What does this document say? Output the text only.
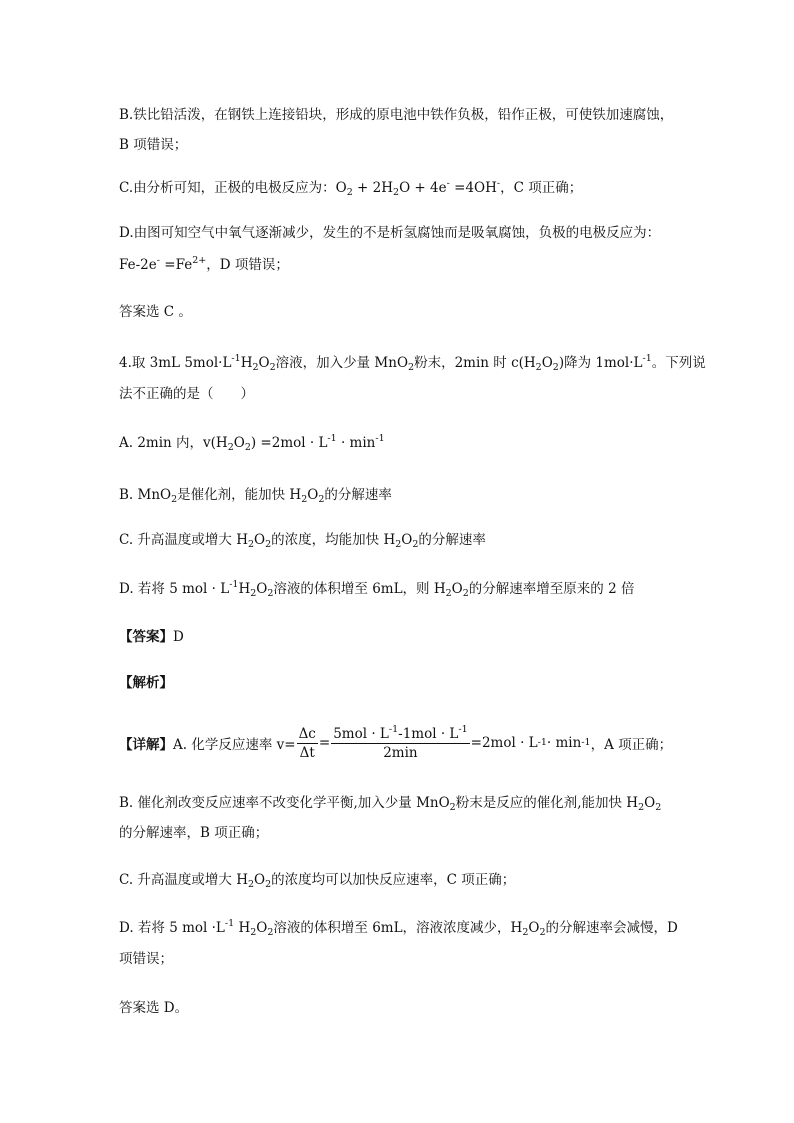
B.铁比铅活泼，在钢铁上连接铅块，形成的原电池中铁作负极，铅作正极，可使铁加速腐蚀，
B 项错误；
C.由分析可知，正极的电极反应为：$O_2 + 2H_2O + 4e^- =4OH^-$，C 项正确；
D.由图可知空气中氧气逐渐减少，发生的不是析氢腐蚀而是吸氧腐蚀，负极的电极反应为：
$Fe-2e^- =Fe^{2+}$，D 项错误；
答案选 C 。
4.取 3mL $5mol\cdot L^{-1}H_2O_2$溶液，加入少量 MnO$_2$粉末，2min 时 $c(H_2O_2)$降为 $1mol\cdot L^{-1}$。下列说
法不正确的是（　　）
A. 2min 内，$v(H_2O_2) =2mol \cdot L^{-1} \cdot \min^{-1}$
B. MnO$_2$是催化剂，能加快 $H_2O_2$的分解速率
C. 升高温度或增大 $H_2O_2$的浓度，均能加快 $H_2O_2$的分解速率
D. 若将 5 mol · $L^{-1}H_2O_2$溶液的体积增至 6mL，则 $H_2O_2$的分解速率增至原来的 2 倍
【答案】D
【解析】
【详解】 A. 化学反应速率 $v= \frac{\Delta c}{\Delta t} = \frac{5mol \cdot L^{-1}-1mol \cdot L^{-1}}{2\min} =2mol \cdot L$ -1 · min -1 ，A 项正确；
B. 催化剂改变反应速率不改变化学平衡,加入少量 MnO$_2$粉末是反应的催化剂,能加快 $H_2O_2$
的分解速率，B 项正确；
C. 升高温度或增大 $H_2O_2$的浓度均可以加快反应速率，C 项正确；
D. 若将 5 mol $\cdot L^{-1}$ $H_2O_2$溶液的体积增至 6mL，溶液浓度减少，$H_2O_2$的分解速率会减慢，D
项错误；
答案选 D。
